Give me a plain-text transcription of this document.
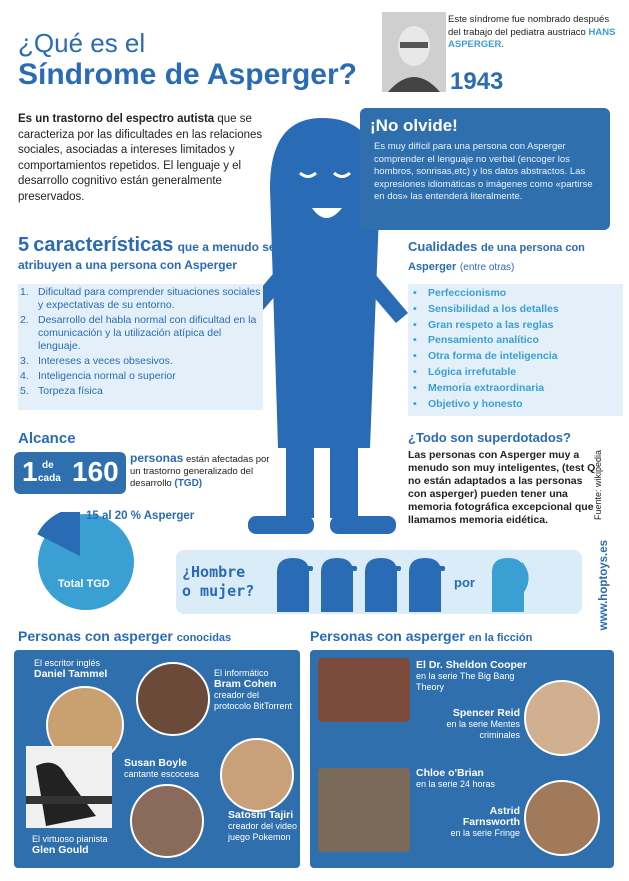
¿Qué es el
Síndrome de Asperger?
Este síndrome fue nombrado después del trabajo del pediatra austriaco HANS ASPERGER.
1943
Es un trastorno del espectro autista que se caracteriza por las dificultades en las relaciones sociales, asociadas a intereses limitados y comportamientos repetidos. El lenguaje y el desarrollo cognitivo están generalmente preservados.
¡No olvide!
Es muy difícil para una persona con Asperger comprender el lenguaje no verbal (encoger los hombros, sonrisas,etc) y los datos abstractos. Las expresiones idiomáticas o imágenes como «partirse en dos» las entenderá literalmente.
5 características que a menudo se atribuyen a una persona con Asperger
1. Dificultad para comprender situaciones sociales y expectativas de su entorno.
2. Desarrollo del habla normal con dificultad en la comunicación y la utilización atípica del lenguaje.
3. Intereses a veces obsesivos.
4. Inteligencia normal o superior
5. Torpeza física
Cualidades de una persona con Asperger (entre otras)
• Perfeccionismo
• Sensibilidad a los detalles
• Gran respeto a las reglas
• Pensamiento analítico
• Otra forma de inteligencia
• Lógica irrefutable
• Memoria extraordinaria
• Objetivo y honesto
Alcance
1 de
cada 160 personas están afectadas por un trastorno generalizado del desarrollo (TGD)
15 al 20 % Asperger
Total TGD
¿Todo son superdotados?
Las personas con Asperger muy a menudo son muy inteligentes, (test Q no están adaptados a las personas con asperger) pueden tener una memoria fotográfica excepcional que llamamos memoria eidética.	Fuente: wikipedia
www.hoptoys.es
¿Hombre
o mujer?	por
Personas con asperger conocidas
El escritor inglés
Daniel Tammel	El informático
Bram Cohen
creador del protocolo BitTorrent
Susan Boyle
cantante escocesa
El virtuoso pianista
Glen Gould
Satoshi Tajiri
creador del video juego Pokemon
Personas con asperger en la ficción
El Dr. Sheldon Cooper
en la serie The Big Bang Theory
Spencer Reid
en la serie Mentes criminales
Chloe o'Brian
en la serie 24 horas
Astrid Farnsworth
en la serie Fringe
